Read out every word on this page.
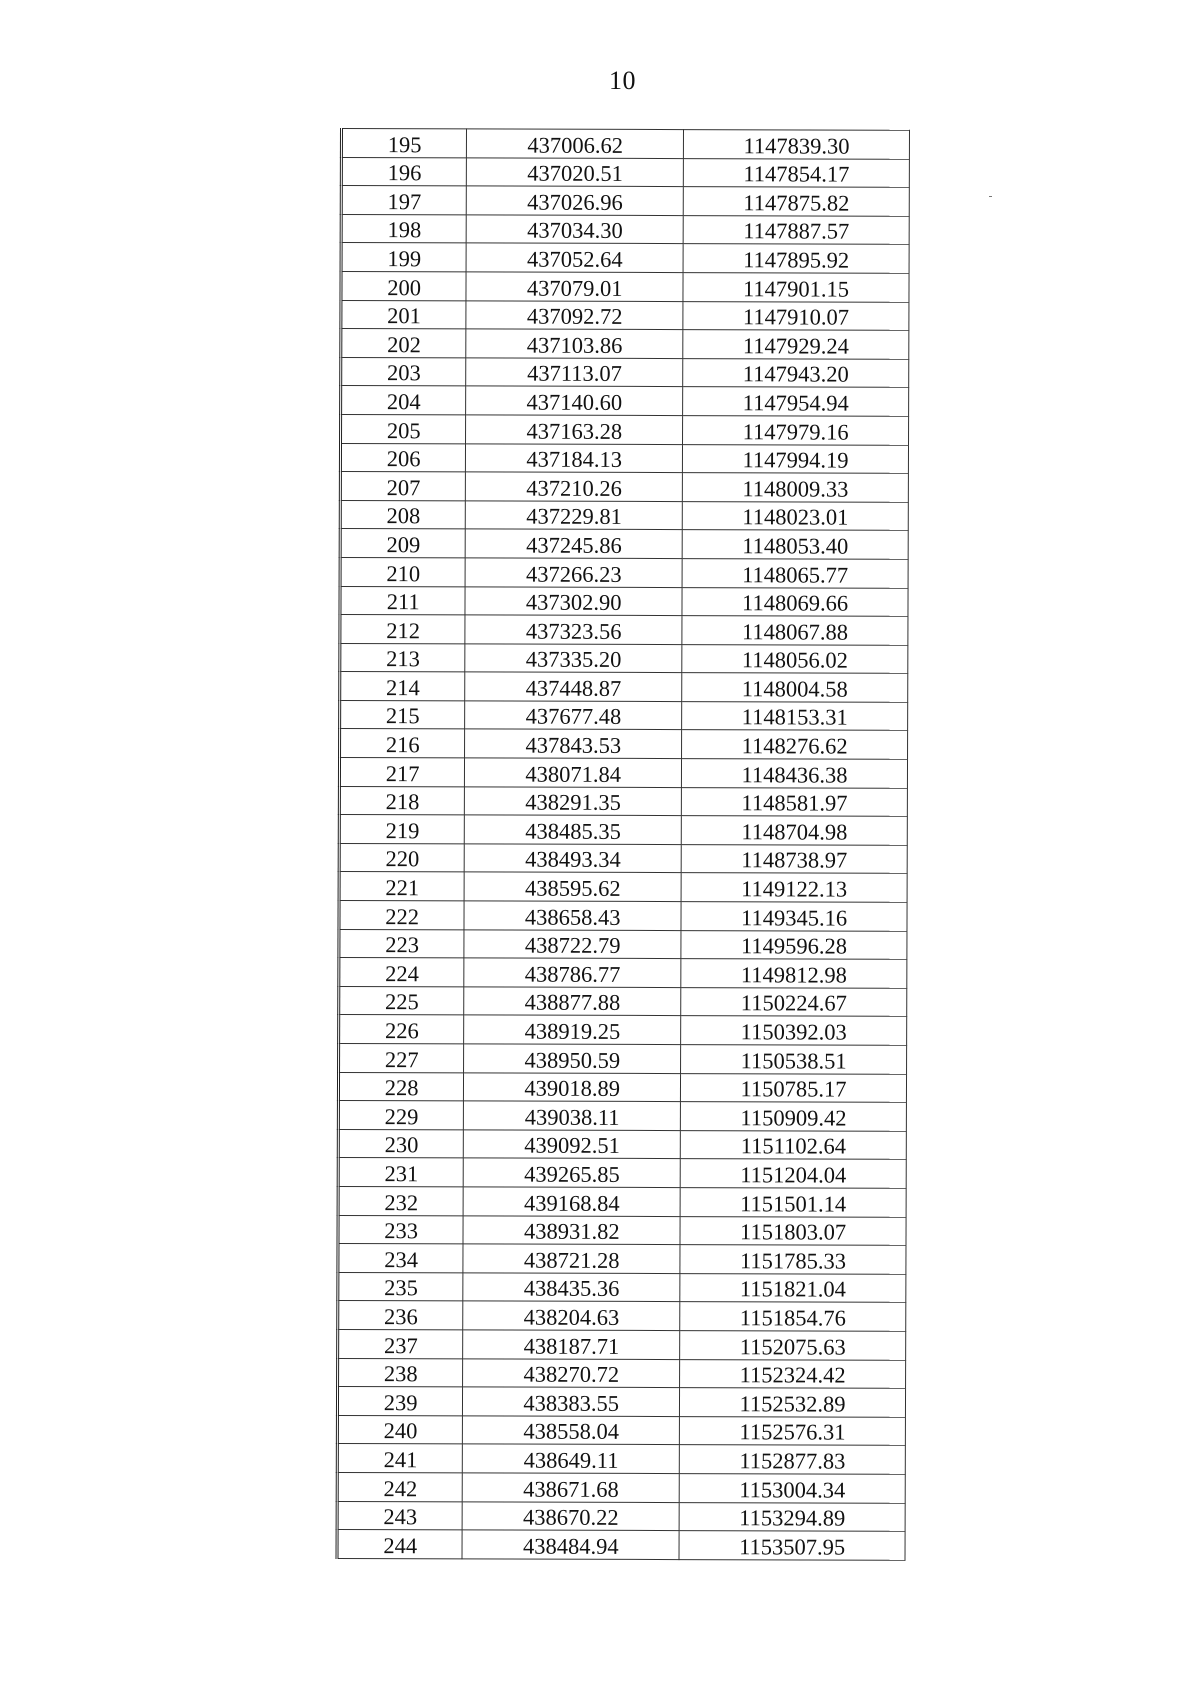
10
195	437006.62	1147839.30
196	437020.51	1147854.17
197	437026.96	1147875.82
198	437034.30	1147887.57
199	437052.64	1147895.92
200	437079.01	1147901.15
201	437092.72	1147910.07
202	437103.86	1147929.24
203	437113.07	1147943.20
204	437140.60	1147954.94
205	437163.28	1147979.16
206	437184.13	1147994.19
207	437210.26	1148009.33
208	437229.81	1148023.01
209	437245.86	1148053.40
210	437266.23	1148065.77
211	437302.90	1148069.66
212	437323.56	1148067.88
213	437335.20	1148056.02
214	437448.87	1148004.58
215	437677.48	1148153.31
216	437843.53	1148276.62
217	438071.84	1148436.38
218	438291.35	1148581.97
219	438485.35	1148704.98
220	438493.34	1148738.97
221	438595.62	1149122.13
222	438658.43	1149345.16
223	438722.79	1149596.28
224	438786.77	1149812.98
225	438877.88	1150224.67
226	438919.25	1150392.03
227	438950.59	1150538.51
228	439018.89	1150785.17
229	439038.11	1150909.42
230	439092.51	1151102.64
231	439265.85	1151204.04
232	439168.84	1151501.14
233	438931.82	1151803.07
234	438721.28	1151785.33
235	438435.36	1151821.04
236	438204.63	1151854.76
237	438187.71	1152075.63
238	438270.72	1152324.42
239	438383.55	1152532.89
240	438558.04	1152576.31
241	438649.11	1152877.83
242	438671.68	1153004.34
243	438670.22	1153294.89
244	438484.94	1153507.95
